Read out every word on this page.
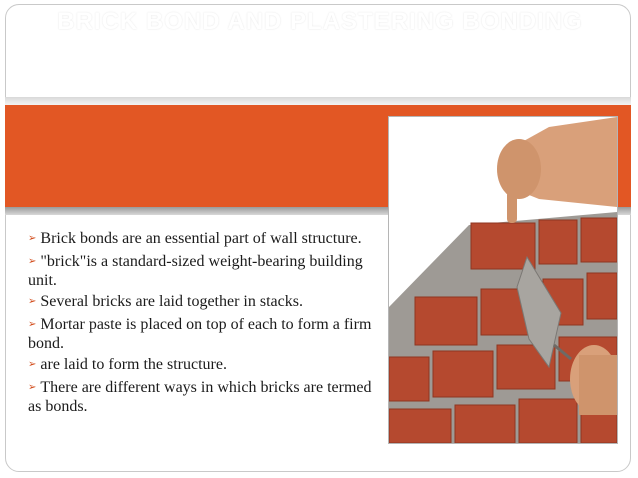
BRICK BOND AND PLASTERING BONDING
➢ Brick bonds are an essential part of wall structure.
➢ "brick"is a standard-sized weight-bearing building unit.
➢ Several bricks are laid together in stacks.
➢ Mortar paste is placed on top of each to form a firm bond.
➢ are laid to form the structure.
➢ There are different ways in which bricks are termed as bonds.
